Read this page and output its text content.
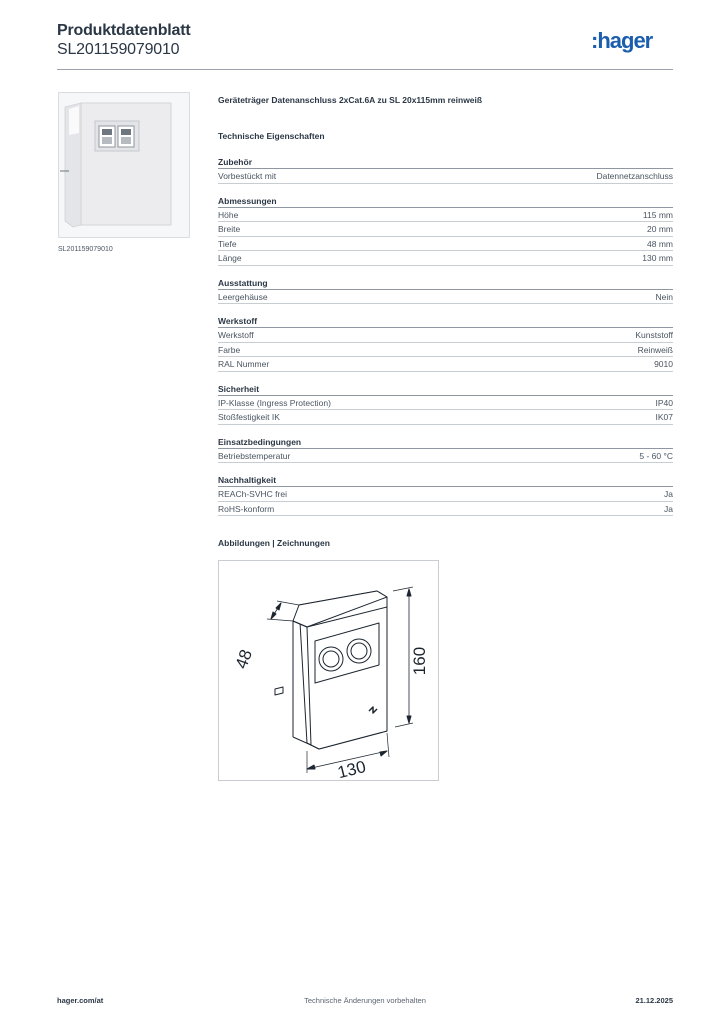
Produktdatenblatt
SL201159079010	:hager
SL201159079010
Geräteträger Datenanschluss 2xCat.6A zu SL 20x115mm reinweiß
Technische Eigenschaften
Zubehör
Vorbestückt mit	Datennetzanschluss
Abmessungen
Höhe	115 mm
Breite	20 mm
Tiefe	48 mm
Länge	130 mm
Ausstattung
Leergehäuse	Nein
Werkstoff
Werkstoff	Kunststoff
Farbe	Reinweiß
RAL Nummer	9010
Sicherheit
IP-Klasse (Ingress Protection)	IP40
Stoßfestigkeit IK	IK07
Einsatzbedingungen
Betriebstemperatur	5 - 60 °C
Nachhaltigkeit
REACh-SVHC frei	Ja
RoHS-konform	Ja
Abbildungen | Zeichnungen
160
130
48
hager.com/at	Technische Änderungen vorbehalten	21.12.2025
